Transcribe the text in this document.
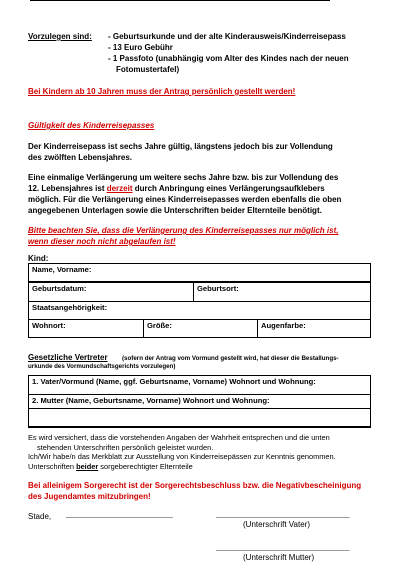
Vorzulegen sind: - Geburtsurkunde und der alte Kinderausweis/Kinderreisepass
- 13 Euro Gebühr
- 1 Passfoto (unabhängig vom Alter des Kindes nach der neuen
Fotomustertafel)
Bei Kindern ab 10 Jahren muss der Antrag persönlich gestellt werden!
Gültigkeit des Kinderreisepasses
Der Kinderreisepass ist sechs Jahre gültig, längstens jedoch bis zur Vollendung
des zwölften Lebensjahres.
Eine einmalige Verlängerung um weitere sechs Jahre bzw. bis zur Vollendung des
12. Lebensjahres ist derzeit durch Anbringung eines Verlängerungsaufklebers
möglich. Für die Verlängerung eines Kinderreisepasses werden ebenfalls die oben
angegebenen Unterlagen sowie die Unterschriften beider Elternteile benötigt.
Bitte beachten Sie, dass die Verlängerung des Kinderreisepasses nur möglich ist,
wenn dieser noch nicht abgelaufen ist!
Kind:
Name, Vorname:
Geburtsdatum:	Geburtsort:
Staatsangehörigkeit:
Wohnort:	Größe:	Augenfarbe:
Gesetzliche Vertreter (sofern der Antrag vom Vormund gestellt wird, hat dieser die Bestallungs-
urkunde des Vormundschaftsgerichts vorzulegen)
1. Vater/Vormund (Name, ggf. Geburtsname, Vorname) Wohnort und Wohnung:
2. Mutter (Name, Geburtsname, Vorname) Wohnort und Wohnung:
Es wird versichert, dass die vorstehenden Angaben der Wahrheit entsprechen und die unten
stehenden Unterschriften persönlich geleistet wurden.
Ich/Wir habe/n das Merkblatt zur Ausstellung von Kinderreisepässen zur Kenntnis genommen.
Unterschriften beider sorgeberechtigter Elternteile
Bei alleinigem Sorgerecht ist der Sorgerechtsbeschluss bzw. die Negativbescheinigung
des Jugendamtes mitzubringen!
Stade, ________________________	______________________________
(Unterschrift Vater)
______________________________
(Unterschrift Mutter)
